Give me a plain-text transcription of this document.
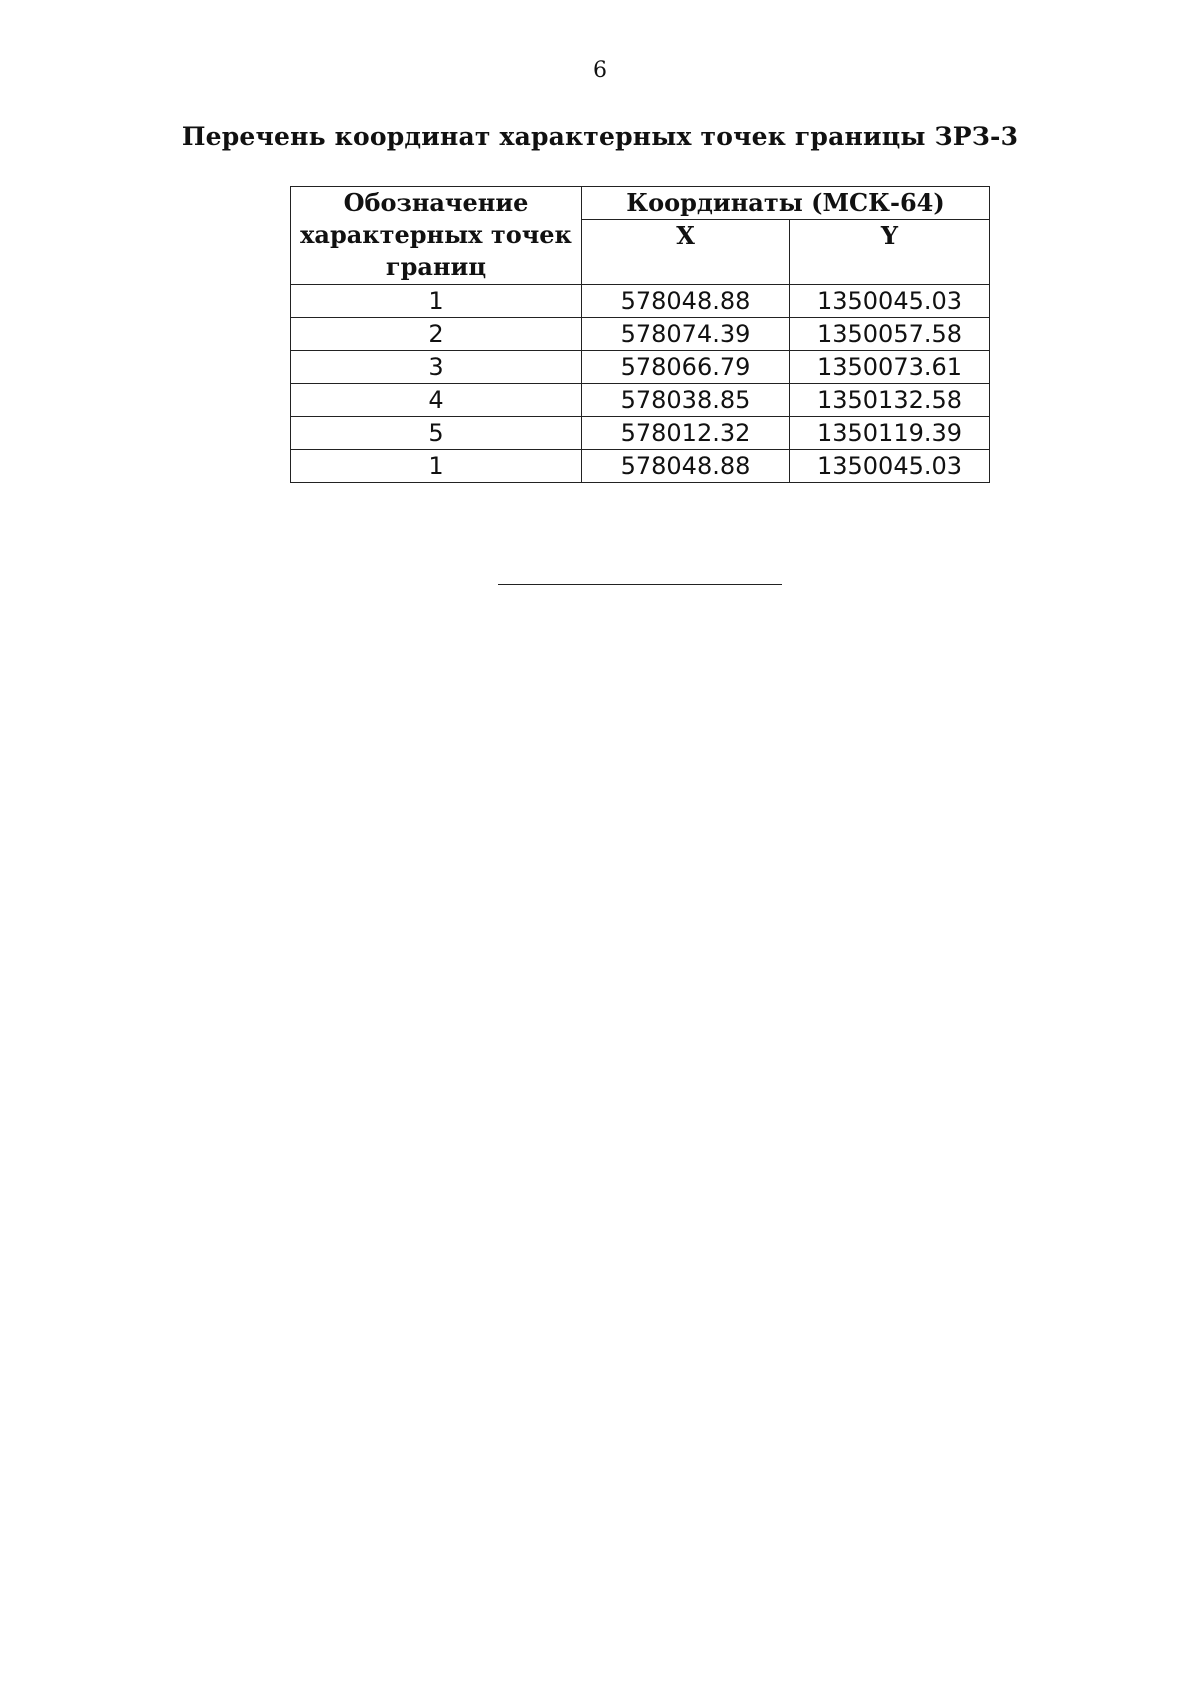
6
Перечень координат характерных точек границы ЗРЗ-3
Обозначение характерных точек границ	Координаты (МСК-64)	
	X	Y
1	578048.88	1350045.03
2	578074.39	1350057.58
3	578066.79	1350073.61
4	578038.85	1350132.58
5	578012.32	1350119.39
1	578048.88	1350045.03
